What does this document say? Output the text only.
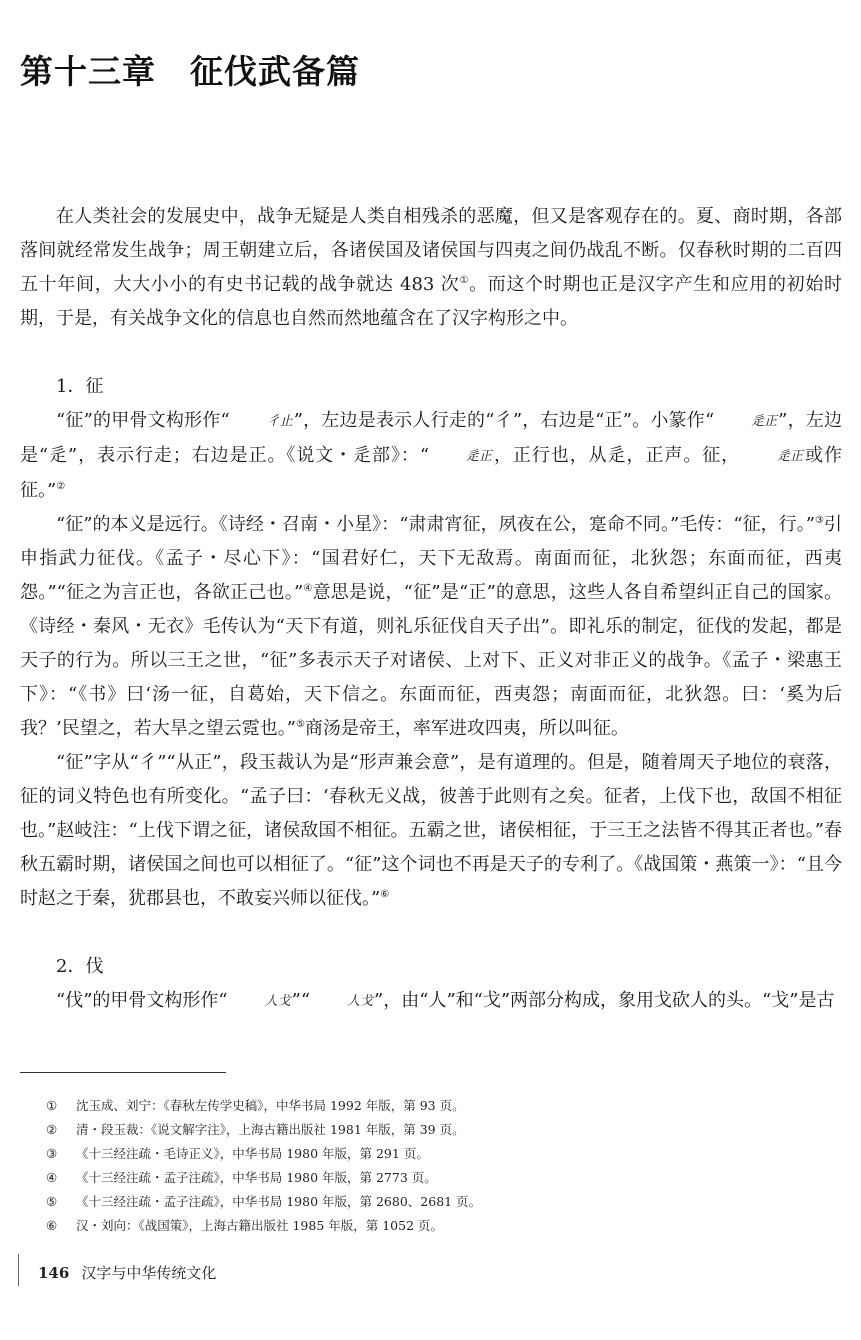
第十三章 征伐武备篇

在人类社会的发展史中，战争无疑是人类自相残杀的恶魔，但又是客观存在的。夏、商时期，各部落间就经常发生战争；周王朝建立后，各诸侯国及诸侯国与四夷之间仍战乱不断。仅春秋时期的二百四五十年间，大大小小的有史书记载的战争就达 483 次①。而这个时期也正是汉字产生和应用的初始时期，于是，有关战争文化的信息也自然而然地蕴含在了汉字构形之中。

1．征

“征”的甲骨文构形作“	彳止”，左边是表示人行走的“彳”，右边是“正”。小篆作“	辵正”，左边是“辵”，表示行走；右边是正。《说文・辵部》：“	辵正，正行也，从辵，正声。征，	辵正或作征。”②

“征”的本义是远行。《诗经・召南・小星》：“肃肃宵征，夙夜在公，寔命不同。”毛传：“征，行。”③引申指武力征伐。《孟子・尽心下》：“国君好仁，天下无敌焉。南面而征，北狄怨；东面而征，西夷怨。”“征之为言正也，各欲正己也。”④意思是说，“征”是“正”的意思，这些人各自希望纠正自己的国家。《诗经・秦风・无衣》毛传认为“天下有道，则礼乐征伐自天子出”。即礼乐的制定，征伐的发起，都是天子的行为。所以三王之世，“征”多表示天子对诸侯、上对下、正义对非正义的战争。《孟子・梁惠王下》：“《书》曰‘汤一征，自葛始，天下信之。东面而征，西夷怨；南面而征，北狄怨。曰：‘奚为后我？’民望之，若大旱之望云霓也。”⑤商汤是帝王，率军进攻四夷，所以叫征。

“征”字从“彳”“从正”，段玉裁认为是“形声兼会意”，是有道理的。但是，随着周天子地位的衰落，征的词义特色也有所变化。“孟子曰：‘春秋无义战，彼善于此则有之矣。征者，上伐下也，敌国不相征也。”赵岐注：“上伐下谓之征，诸侯敌国不相征。五霸之世，诸侯相征，于三王之法皆不得其正者也。”春秋五霸时期，诸侯国之间也可以相征了。“征”这个词也不再是天子的专利了。《战国策・燕策一》：“且今时赵之于秦，犹郡县也，不敢妄兴师以征伐。”⑥

2．伐

“伐”的甲骨文构形作“	人戈”“	人戈”，由“人”和“戈”两部分构成，象用戈砍人的头。“戈”是古

① 沈玉成、刘宁：《春秋左传学史稿》，中华书局 1992 年版，第 93 页。
② 清・段玉裁：《说文解字注》，上海古籍出版社 1981 年版，第 39 页。
③ 《十三经注疏・毛诗正义》，中华书局 1980 年版，第 291 页。
④ 《十三经注疏・孟子注疏》，中华书局 1980 年版，第 2773 页。
⑤ 《十三经注疏・孟子注疏》，中华书局 1980 年版，第 2680、2681 页。
⑥ 汉・刘向：《战国策》，上海古籍出版社 1985 年版，第 1052 页。
146 汉字与中华传统文化
